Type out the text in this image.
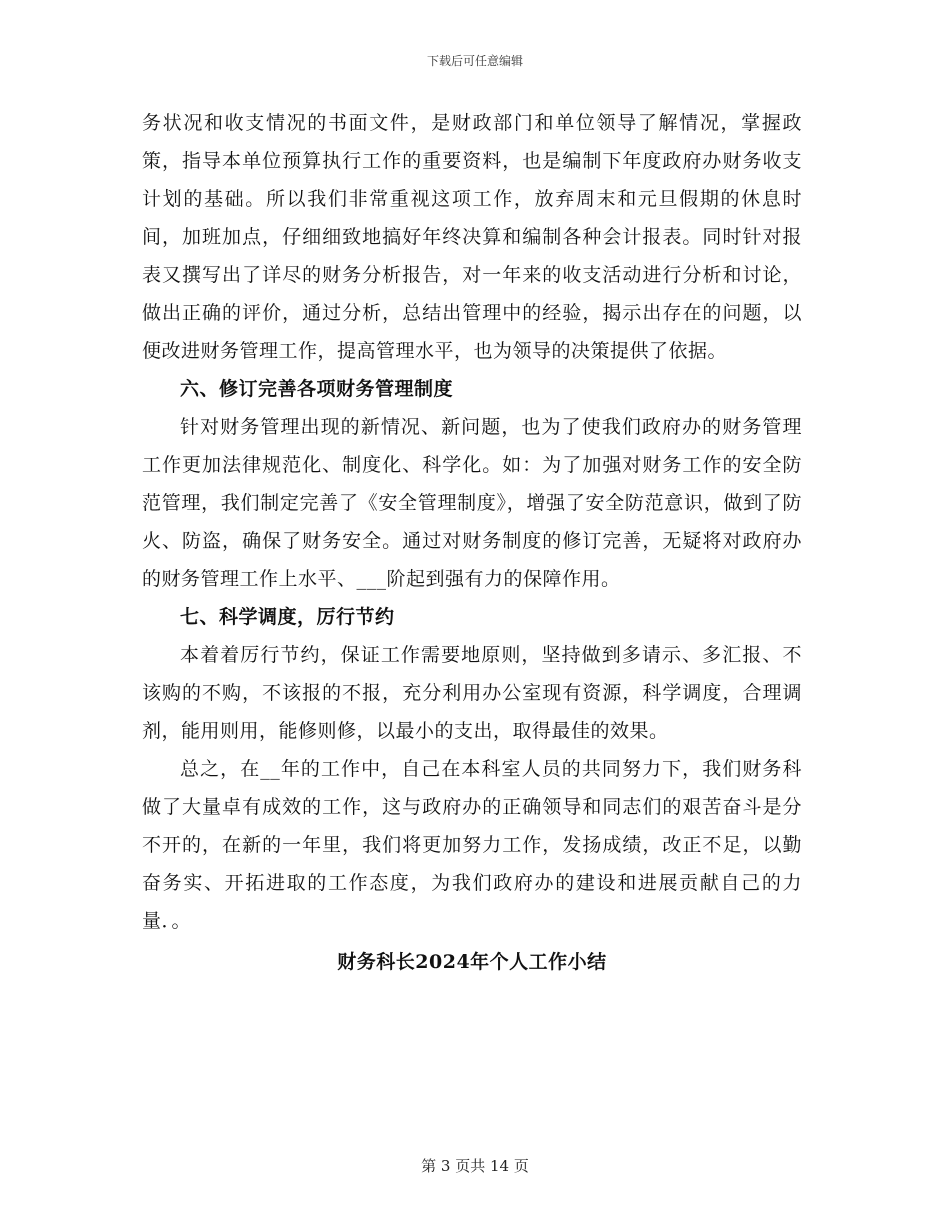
下载后可任意编辑

务状况和收支情况的书面文件，是财政部门和单位领导了解情况，掌握政策，指导本单位预算执行工作的重要资料，也是编制下年度政府办财务收支计划的基础。所以我们非常重视这项工作，放弃周末和元旦假期的休息时间，加班加点，仔细细致地搞好年终决算和编制各种会计报表。同时针对报表又撰写出了详尽的财务分析报告，对一年来的收支活动进行分析和讨论，做出正确的评价，通过分析，总结出管理中的经验，揭示出存在的问题，以便改进财务管理工作，提高管理水平，也为领导的决策提供了依据。

六、修订完善各项财务管理制度

针对财务管理出现的新情况、新问题，也为了使我们政府办的财务管理工作更加法律规范化、制度化、科学化。如：为了加强对财务工作的安全防范管理，我们制定完善了《安全管理制度》，增强了安全防范意识，做到了防火、防盗，确保了财务安全。通过对财务制度的修订完善，无疑将对政府办的财务管理工作上水平、___阶起到强有力的保障作用。

七、科学调度，厉行节约

本着着厉行节约，保证工作需要地原则，坚持做到多请示、多汇报、不该购的不购，不该报的不报，充分利用办公室现有资源，科学调度，合理调剂，能用则用，能修则修，以最小的支出，取得最佳的效果。

总之，在__年的工作中，自己在本科室人员的共同努力下，我们财务科做了大量卓有成效的工作，这与政府办的正确领导和同志们的艰苦奋斗是分不开的，在新的一年里，我们将更加努力工作，发扬成绩，改正不足，以勤奋务实、开拓进取的工作态度，为我们政府办的建设和进展贡献自己的力量．。

财务科长2024年个人工作小结
第 3 页共 14 页
